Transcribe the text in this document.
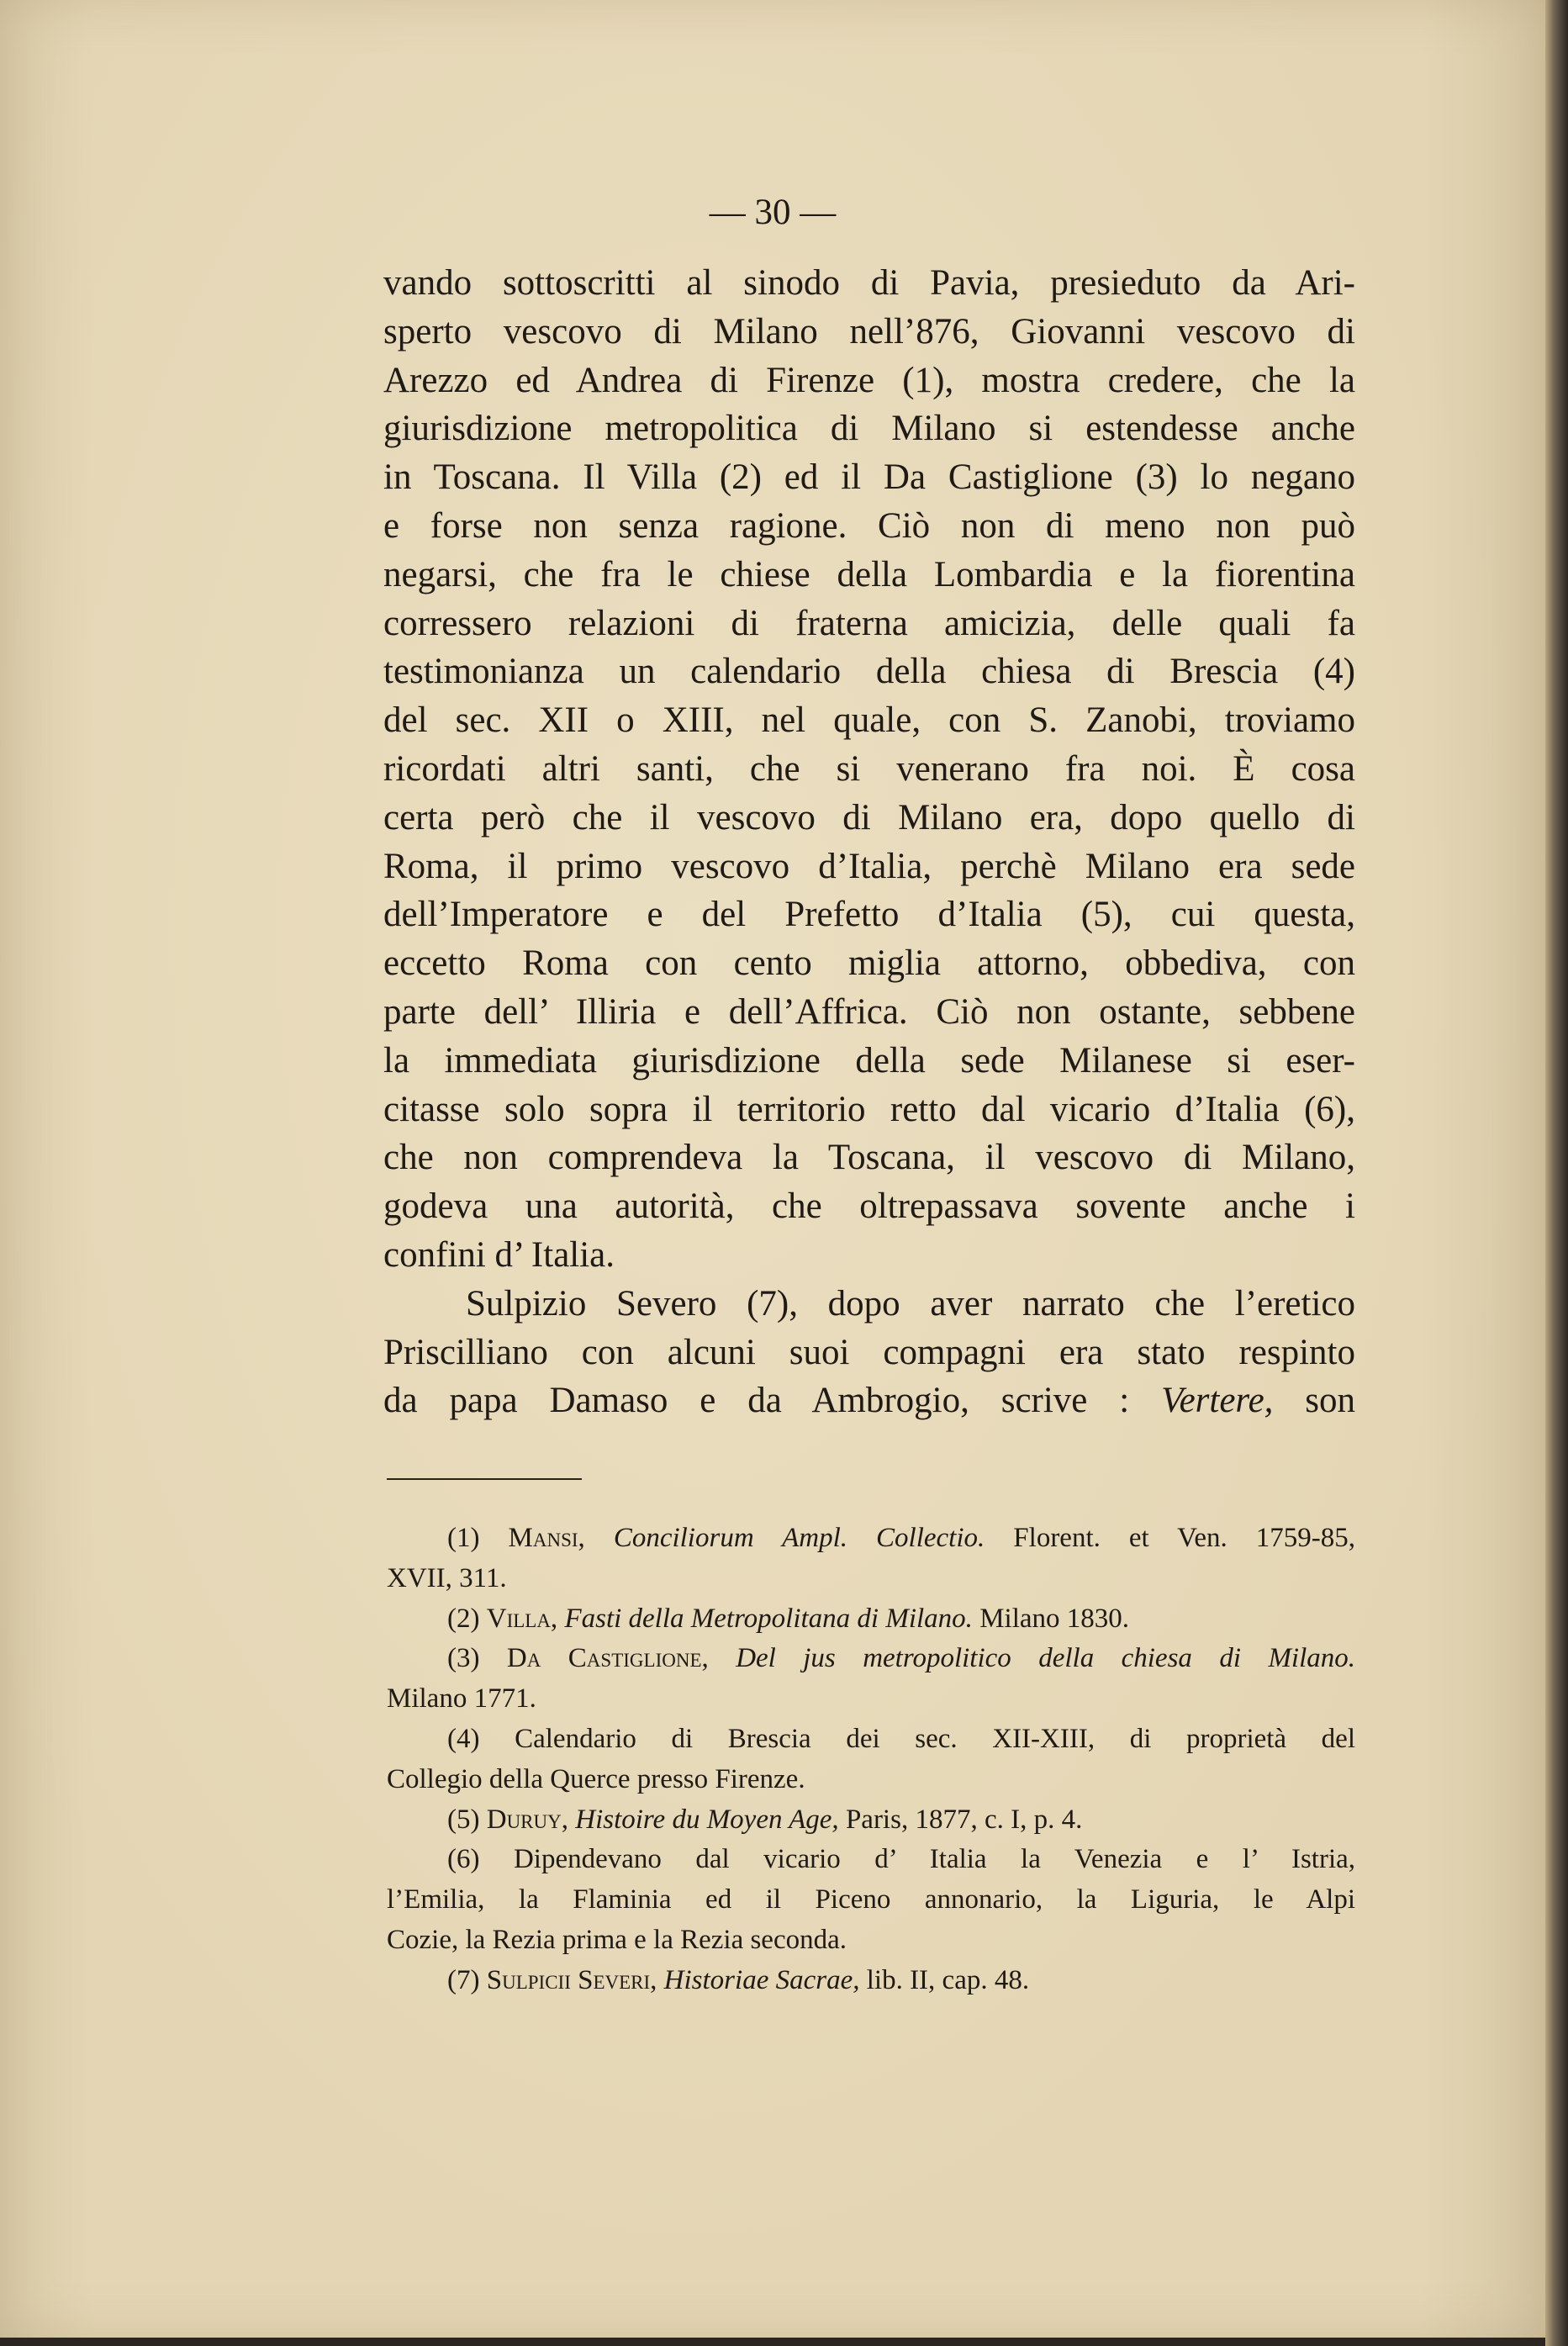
— 30 —

vando sottoscritti al sinodo di Pavia, presieduto da Ari-
sperto vescovo di Milano nell’876, Giovanni vescovo di
Arezzo ed Andrea di Firenze (1), mostra credere, che la
giurisdizione metropolitica di Milano si estendesse anche
in Toscana. Il Villa (2) ed il Da Castiglione (3) lo negano
e forse non senza ragione. Ciò non di meno non può
negarsi, che fra le chiese della Lombardia e la fiorentina
corressero relazioni di fraterna amicizia, delle quali fa
testimonianza un calendario della chiesa di Brescia (4)
del sec. XII o XIII, nel quale, con S. Zanobi, troviamo
ricordati altri santi, che si venerano fra noi. È cosa
certa però che il vescovo di Milano era, dopo quello di
Roma, il primo vescovo d’Italia, perchè Milano era sede
dell’Imperatore e del Prefetto d’Italia (5), cui questa,
eccetto Roma con cento miglia attorno, obbediva, con
parte dell’ Illiria e dell’Affrica. Ciò non ostante, sebbene
la immediata giurisdizione della sede Milanese si eser-
citasse solo sopra il territorio retto dal vicario d’Italia (6),
che non comprendeva la Toscana, il vescovo di Milano,
godeva una autorità, che oltrepassava sovente anche i
confini d’ Italia.
Sulpizio Severo (7), dopo aver narrato che l’eretico
Priscilliano con alcuni suoi compagni era stato respinto
da papa Damaso e da Ambrogio, scrive : Vertere, son
(1) Mansi, Conciliorum Ampl. Collectio. Florent. et Ven. 1759-85,
XVII, 311.
(2) Villa, Fasti della Metropolitana di Milano. Milano 1830.
(3) Da Castiglione, Del jus metropolitico della chiesa di Milano.
Milano 1771.
(4) Calendario di Brescia dei sec. XII-XIII, di proprietà del
Collegio della Querce presso Firenze.
(5) Duruy, Histoire du Moyen Age, Paris, 1877, c. I, p. 4.
(6) Dipendevano dal vicario d’ Italia la Venezia e l’ Istria,
l’Emilia, la Flaminia ed il Piceno annonario, la Liguria, le Alpi
Cozie, la Rezia prima e la Rezia seconda.
(7) Sulpicii Severi, Historiae Sacrae, lib. II, cap. 48.
